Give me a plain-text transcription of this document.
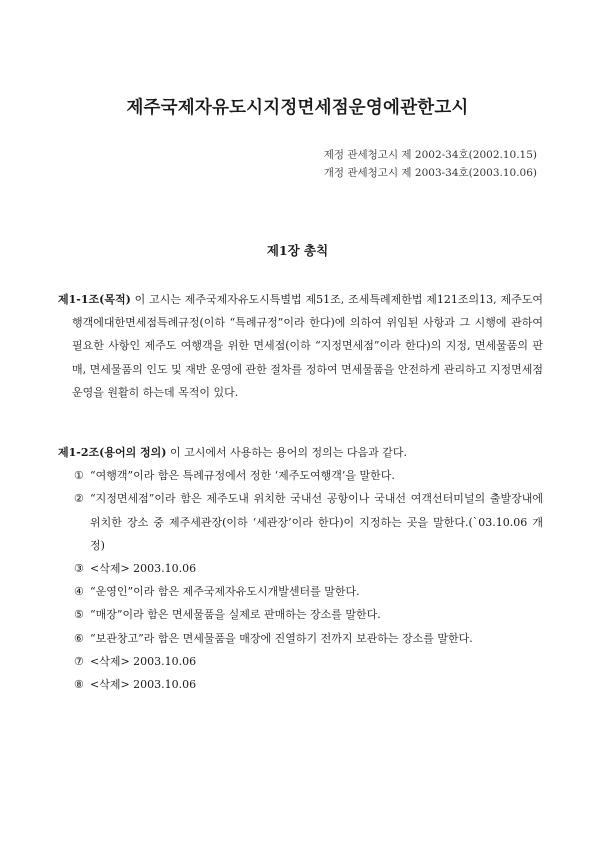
제주국제자유도시지정면세점운영에관한고시
제정 관세청고시 제 2002-34호(2002.10.15)
개정 관세청고시 제 2003-34호(2003.10.06)
제1장 총칙
제1-1조(목적) 이 고시는 제주국제자유도시특별법 제51조, 조세특례제한법 제121조의13, 제주도여행객에대한면세점특례규정(이하 “특례규정”이라 한다)에 의하여 위임된 사항과 그 시행에 관하여 필요한 사항인 제주도 여행객을 위한 면세점(이하 “지정면세점”이라 한다)의 지정, 면세물품의 판매, 면세물품의 인도 및 재반 운영에 관한 절차를 정하여 면세물품을 안전하게 관리하고 지정면세점 운영을 원활히 하는데 목적이 있다.
제1-2조(용어의 정의) 이 고시에서 사용하는 용어의 정의는 다음과 같다.
① “여행객”이라 함은 특례규정에서 정한 ‘제주도여행객’을 말한다.
② “지정면세점”이라 함은 제주도내 위치한 국내선 공항이나 국내선 여객선터미널의 출발장내에 위치한 장소 중 제주세관장(이하 ‘세관장’이라 한다)이 지정하는 곳을 말한다.(`03.10.06 개정)
③ <삭제> 2003.10.06
④ “운영인”이라 함은 제주국제자유도시개발센터를 말한다.
⑤ “매장”이라 함은 면세물품을 실제로 판매하는 장소를 말한다.
⑥ “보관창고”라 함은 면세물품을 매장에 진열하기 전까지 보관하는 장소를 말한다.
⑦ <삭제> 2003.10.06
⑧ <삭제> 2003.10.06
